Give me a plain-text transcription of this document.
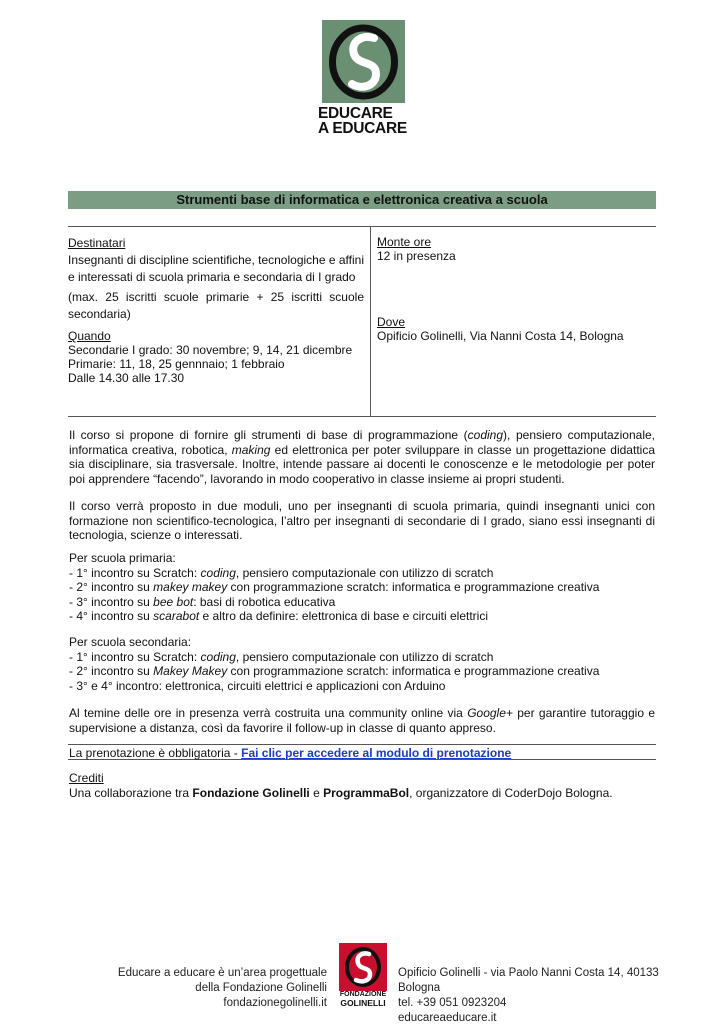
EDUCARE
A EDUCARE
Strumenti base di informatica e elettronica creativa a scuola
Destinatari
Insegnanti di discipline scientifiche, tecnologiche e affini e interessati di scuola primaria e secondaria di I grado
(max. 25 iscritti scuole primarie + 25 iscritti scuole secondaria)
Quando
Secondarie I grado: 30 novembre; 9, 14, 21 dicembre
Primarie: 11, 18, 25 gennnaio; 1 febbraio
Dalle 14.30 alle 17.30
Monte ore
12 in presenza
Dove
Opificio Golinelli, Via Nanni Costa 14, Bologna

Il corso si propone di fornire gli strumenti di base di programmazione (coding), pensiero computazionale, informatica creativa, robotica, making ed elettronica per poter sviluppare in classe un progettazione didattica sia disciplinare, sia trasversale. Inoltre, intende passare ai docenti le conoscenze e le metodologie per poter poi apprendere “facendo”, lavorando in modo cooperativo in classe insieme ai propri studenti.

Il corso verrà proposto in due moduli, uno per insegnanti di scuola primaria, quindi insegnanti unici con formazione non scientifico-tecnologica, l’altro per insegnanti di secondarie di I grado, siano essi insegnanti di tecnologia, scienze o interessati.

Per scuola primaria:
- 1° incontro su Scratch: coding, pensiero computazionale con utilizzo di scratch
- 2° incontro su makey makey con programmazione scratch: informatica e programmazione creativa
- 3° incontro su bee bot: basi di robotica educativa
- 4° incontro su scarabot e altro da definire: elettronica di base e circuiti elettrici
Per scuola secondaria:
- 1° incontro su Scratch: coding, pensiero computazionale con utilizzo di scratch
- 2° incontro su Makey Makey con programmazione scratch: informatica e programmazione creativa
- 3° e 4° incontro: elettronica, circuiti elettrici e applicazioni con Arduino

Al temine delle ore in presenza verrà costruita una community online via Google+ per garantire tutoraggio e supervisione a distanza, così da favorire il follow-up in classe di quanto appreso.

La prenotazione è obbligatoria - Fai clic per accedere al modulo di prenotazione
Crediti
Una collaborazione tra Fondazione Golinelli e ProgrammaBol, organizzatore di CoderDojo Bologna.
Educare a educare è un’area progettuale
della Fondazione Golinelli
fondazionegolinelli.it
FONDAZIONE
GOLINELLI
Opificio Golinelli - via Paolo Nanni Costa 14, 40133 Bologna
tel. +39 051 0923204
educareaeducare.it
